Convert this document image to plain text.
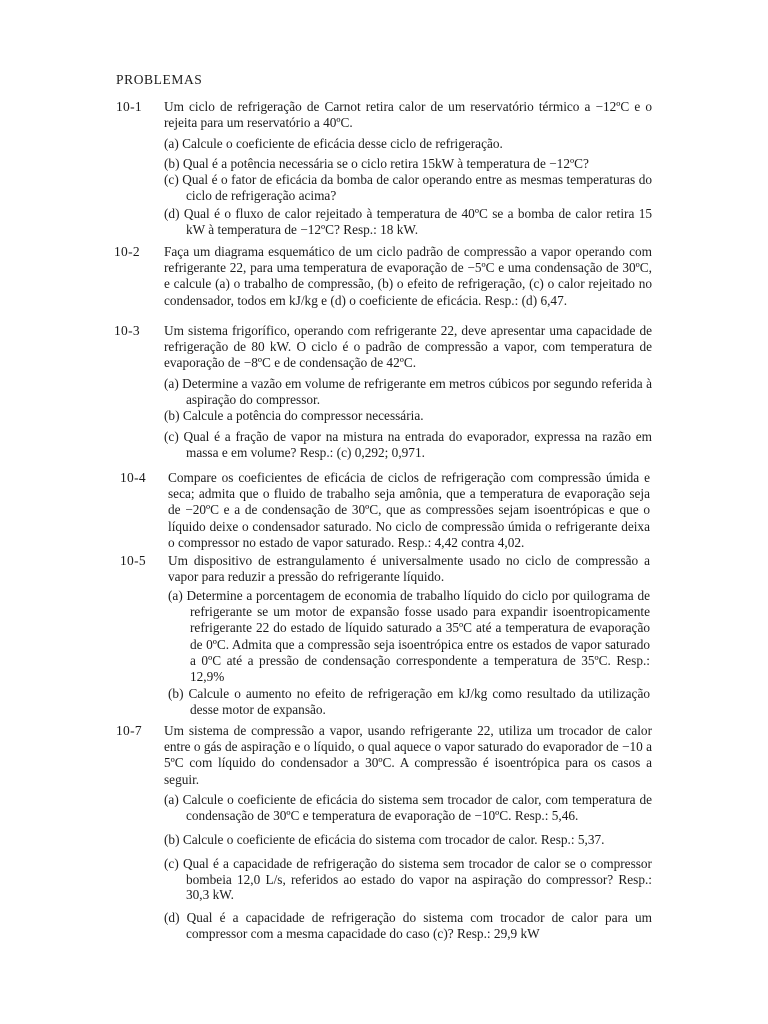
PROBLEMAS
10-1 Um ciclo de refrigeração de Carnot retira calor de um reservatório térmico a −12ºC e o rejeita para um reservatório a 40ºC.
(a) Calcule o coeficiente de eficácia desse ciclo de refrigeração.
(b) Qual é a potência necessária se o ciclo retira 15kW à temperatura de −12ºC?
(c) Qual é o fator de eficácia da bomba de calor operando entre as mesmas temperaturas do ciclo de refrigeração acima?
(d) Qual é o fluxo de calor rejeitado à temperatura de 40ºC se a bomba de calor retira 15 kW à temperatura de −12ºC? Resp.: 18 kW.
10-2 Faça um diagrama esquemático de um ciclo padrão de compressão a vapor operando com refrigerante 22, para uma temperatura de evaporação de −5ºC e uma condensação de 30ºC, e calcule (a) o trabalho de compressão, (b) o efeito de refrigeração, (c) o calor rejeitado no condensador, todos em kJ/kg e (d) o coeficiente de eficácia. Resp.: (d) 6,47.
10-3 Um sistema frigorífico, operando com refrigerante 22, deve apresentar uma capacidade de refrigeração de 80 kW. O ciclo é o padrão de compressão a vapor, com temperatura de evaporação de −8ºC e de condensação de 42ºC.
(a) Determine a vazão em volume de refrigerante em metros cúbicos por segundo referida à aspiração do compressor.
(b) Calcule a potência do compressor necessária.
(c) Qual é a fração de vapor na mistura na entrada do evaporador, expressa na razão em massa e em volume? Resp.: (c) 0,292; 0,971.
10-4 Compare os coeficientes de eficácia de ciclos de refrigeração com compressão úmida e seca; admita que o fluido de trabalho seja amônia, que a temperatura de evaporação seja de −20ºC e a de condensação de 30ºC, que as compressões sejam isoentrópicas e que o líquido deixe o condensador saturado. No ciclo de compressão úmida o refrigerante deixa o compressor no estado de vapor saturado. Resp.: 4,42 contra 4,02.
10-5 Um dispositivo de estrangulamento é universalmente usado no ciclo de compressão a vapor para reduzir a pressão do refrigerante líquido.
(a) Determine a porcentagem de economia de trabalho líquido do ciclo por quilograma de refrigerante se um motor de expansão fosse usado para expandir isoentropicamente refrigerante 22 do estado de líquido saturado a 35ºC até a temperatura de evaporação de 0ºC. Admita que a compressão seja isoentrópica entre os estados de vapor saturado a 0ºC até a pressão de condensação correspondente a temperatura de 35ºC. Resp.: 12,9%
(b) Calcule o aumento no efeito de refrigeração em kJ/kg como resultado da utilização desse motor de expansão.
10-7 Um sistema de compressão a vapor, usando refrigerante 22, utiliza um trocador de calor entre o gás de aspiração e o líquido, o qual aquece o vapor saturado do evaporador de −10 a 5ºC com líquido do condensador a 30ºC. A compressão é isoentrópica para os casos a seguir.
(a) Calcule o coeficiente de eficácia do sistema sem trocador de calor, com temperatura de condensação de 30ºC e temperatura de evaporação de −10ºC. Resp.: 5,46.
(b) Calcule o coeficiente de eficácia do sistema com trocador de calor. Resp.: 5,37.
(c) Qual é a capacidade de refrigeração do sistema sem trocador de calor se o compressor bombeia 12,0 L/s, referidos ao estado do vapor na aspiração do compressor? Resp.: 30,3 kW.
(d) Qual é a capacidade de refrigeração do sistema com trocador de calor para um compressor com a mesma capacidade do caso (c)? Resp.: 29,9 kW
